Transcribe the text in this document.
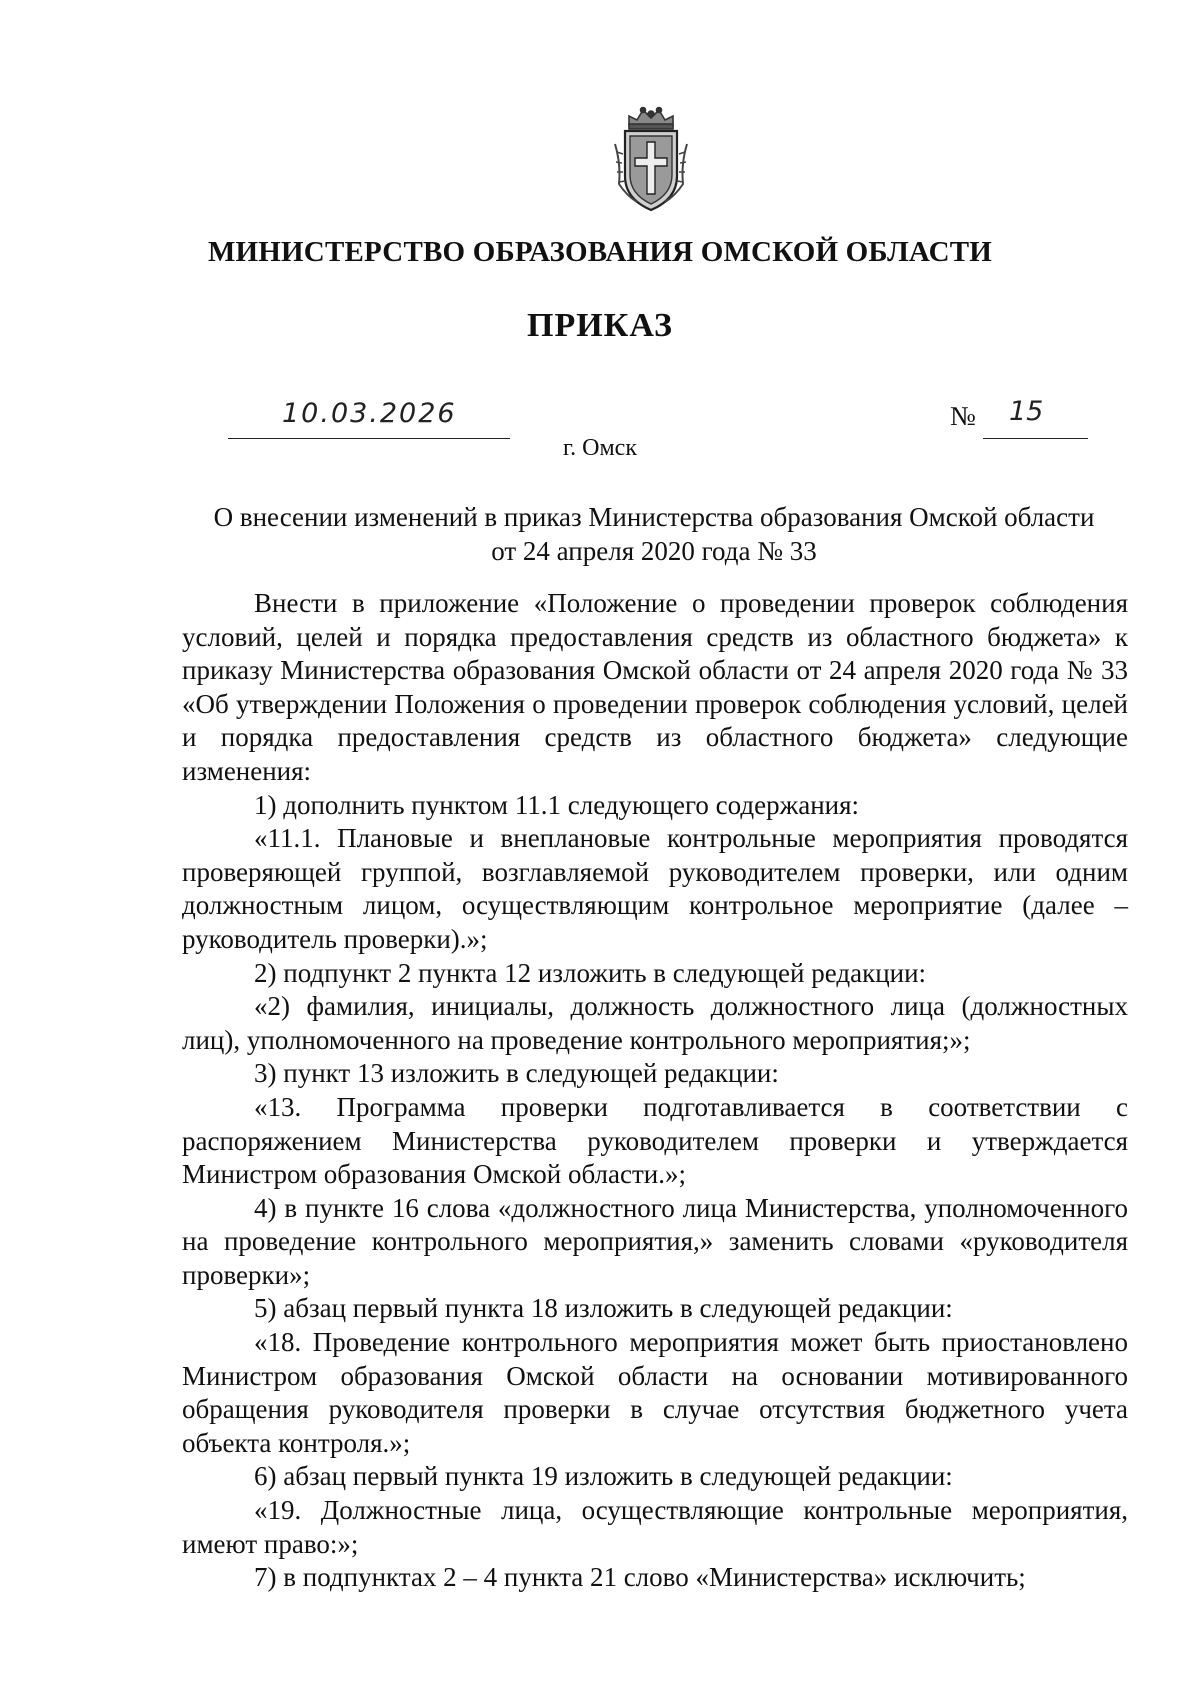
МИНИСТЕРСТВО ОБРАЗОВАНИЯ ОМСКОЙ ОБЛАСТИ
ПРИКАЗ
10.03.2026	№ 15
г. Омск
О внесении изменений в приказ Министерства образования Омской области
от 24 апреля 2020 года № 33

Внести в приложение «Положение о проведении проверок соблюдения условий, целей и порядка предоставления средств из областного бюджета» к приказу Министерства образования Омской области от 24 апреля 2020 года № 33 «Об утверждении Положения о проведении проверок соблюдения условий, целей и порядка предоставления средств из областного бюджета» следующие изменения:

1) дополнить пунктом 11.1 следующего содержания:

«11.1. Плановые и внеплановые контрольные мероприятия проводятся проверяющей группой, возглавляемой руководителем проверки, или одним должностным лицом, осуществляющим контрольное мероприятие (далее – руководитель проверки).»;

2) подпункт 2 пункта 12 изложить в следующей редакции:

«2) фамилия, инициалы, должность должностного лица (должностных лиц), уполномоченного на проведение контрольного мероприятия;»;

3) пункт 13 изложить в следующей редакции:

«13. Программа проверки подготавливается в соответствии с распоряжением Министерства руководителем проверки и утверждается Министром образования Омской области.»;

4) в пункте 16 слова «должностного лица Министерства, уполномоченного на проведение контрольного мероприятия,» заменить словами «руководителя проверки»;

5) абзац первый пункта 18 изложить в следующей редакции:

«18. Проведение контрольного мероприятия может быть приостановлено Министром образования Омской области на основании мотивированного обращения руководителя проверки в случае отсутствия бюджетного учета объекта контроля.»;

6) абзац первый пункта 19 изложить в следующей редакции:

«19. Должностные лица, осуществляющие контрольные мероприятия, имеют право:»;

7) в подпунктах 2 – 4 пункта 21 слово «Министерства» исключить;
